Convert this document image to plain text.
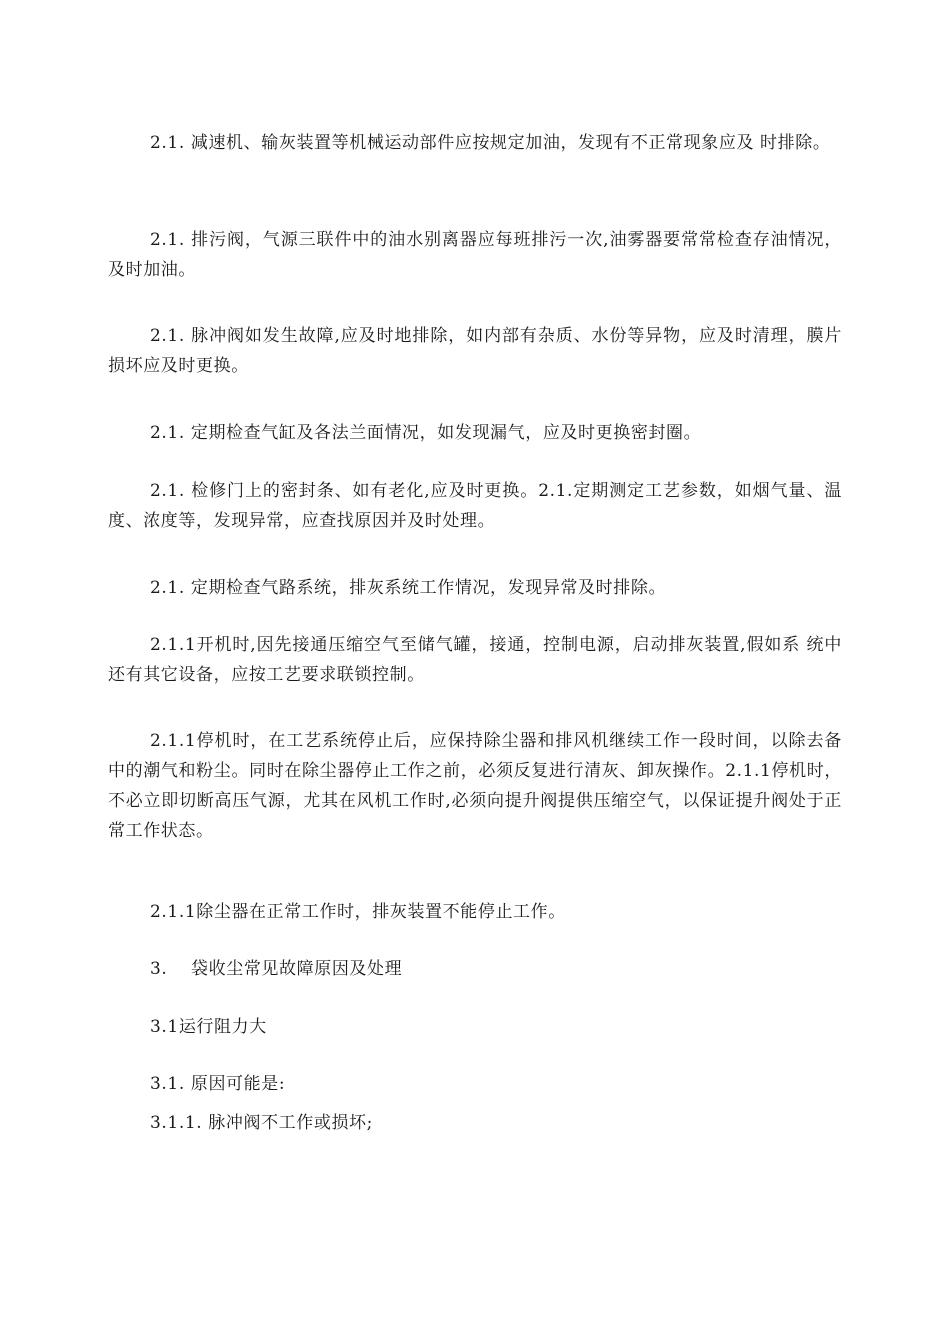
2.1. 减速机、输灰装置等机械运动部件应按规定加油，发现有不正常现象应及 时排除。

2.1. 排污阀，气源三联件中的油水别离器应每班排污一次,油雾器要常常检查存油情况，及时加油。

2.1. 脉冲阀如发生故障,应及时地排除，如内部有杂质、水份等异物，应及时清理，膜片损坏应及时更换。

2.1. 定期检查气缸及各法兰面情况，如发现漏气，应及时更换密封圈。

2.1. 检修门上的密封条、如有老化,应及时更换。2.1.定期测定工艺参数，如烟气量、温度、浓度等，发现异常，应查找原因并及时处理。

2.1. 定期检查气路系统，排灰系统工作情况，发现异常及时排除。

2.1.1开机时,因先接通压缩空气至储气罐，接通，控制电源，启动排灰装置,假如系 统中还有其它设备，应按工艺要求联锁控制。

2.1.1停机时，在工艺系统停止后，应保持除尘器和排风机继续工作一段时间，以除去备中的潮气和粉尘。同时在除尘器停止工作之前，必须反复进行清灰、卸灰操作。2.1.1停机时，不必立即切断高压气源，尤其在风机工作时,必须向提升阀提供压缩空气，以保证提升阀处于正常工作状态。

2.1.1除尘器在正常工作时，排灰装置不能停止工作。

3.　 袋收尘常见故障原因及处理

3.1运行阻力大

3.1. 原因可能是:

3.1.1. 脉冲阀不工作或损坏;
